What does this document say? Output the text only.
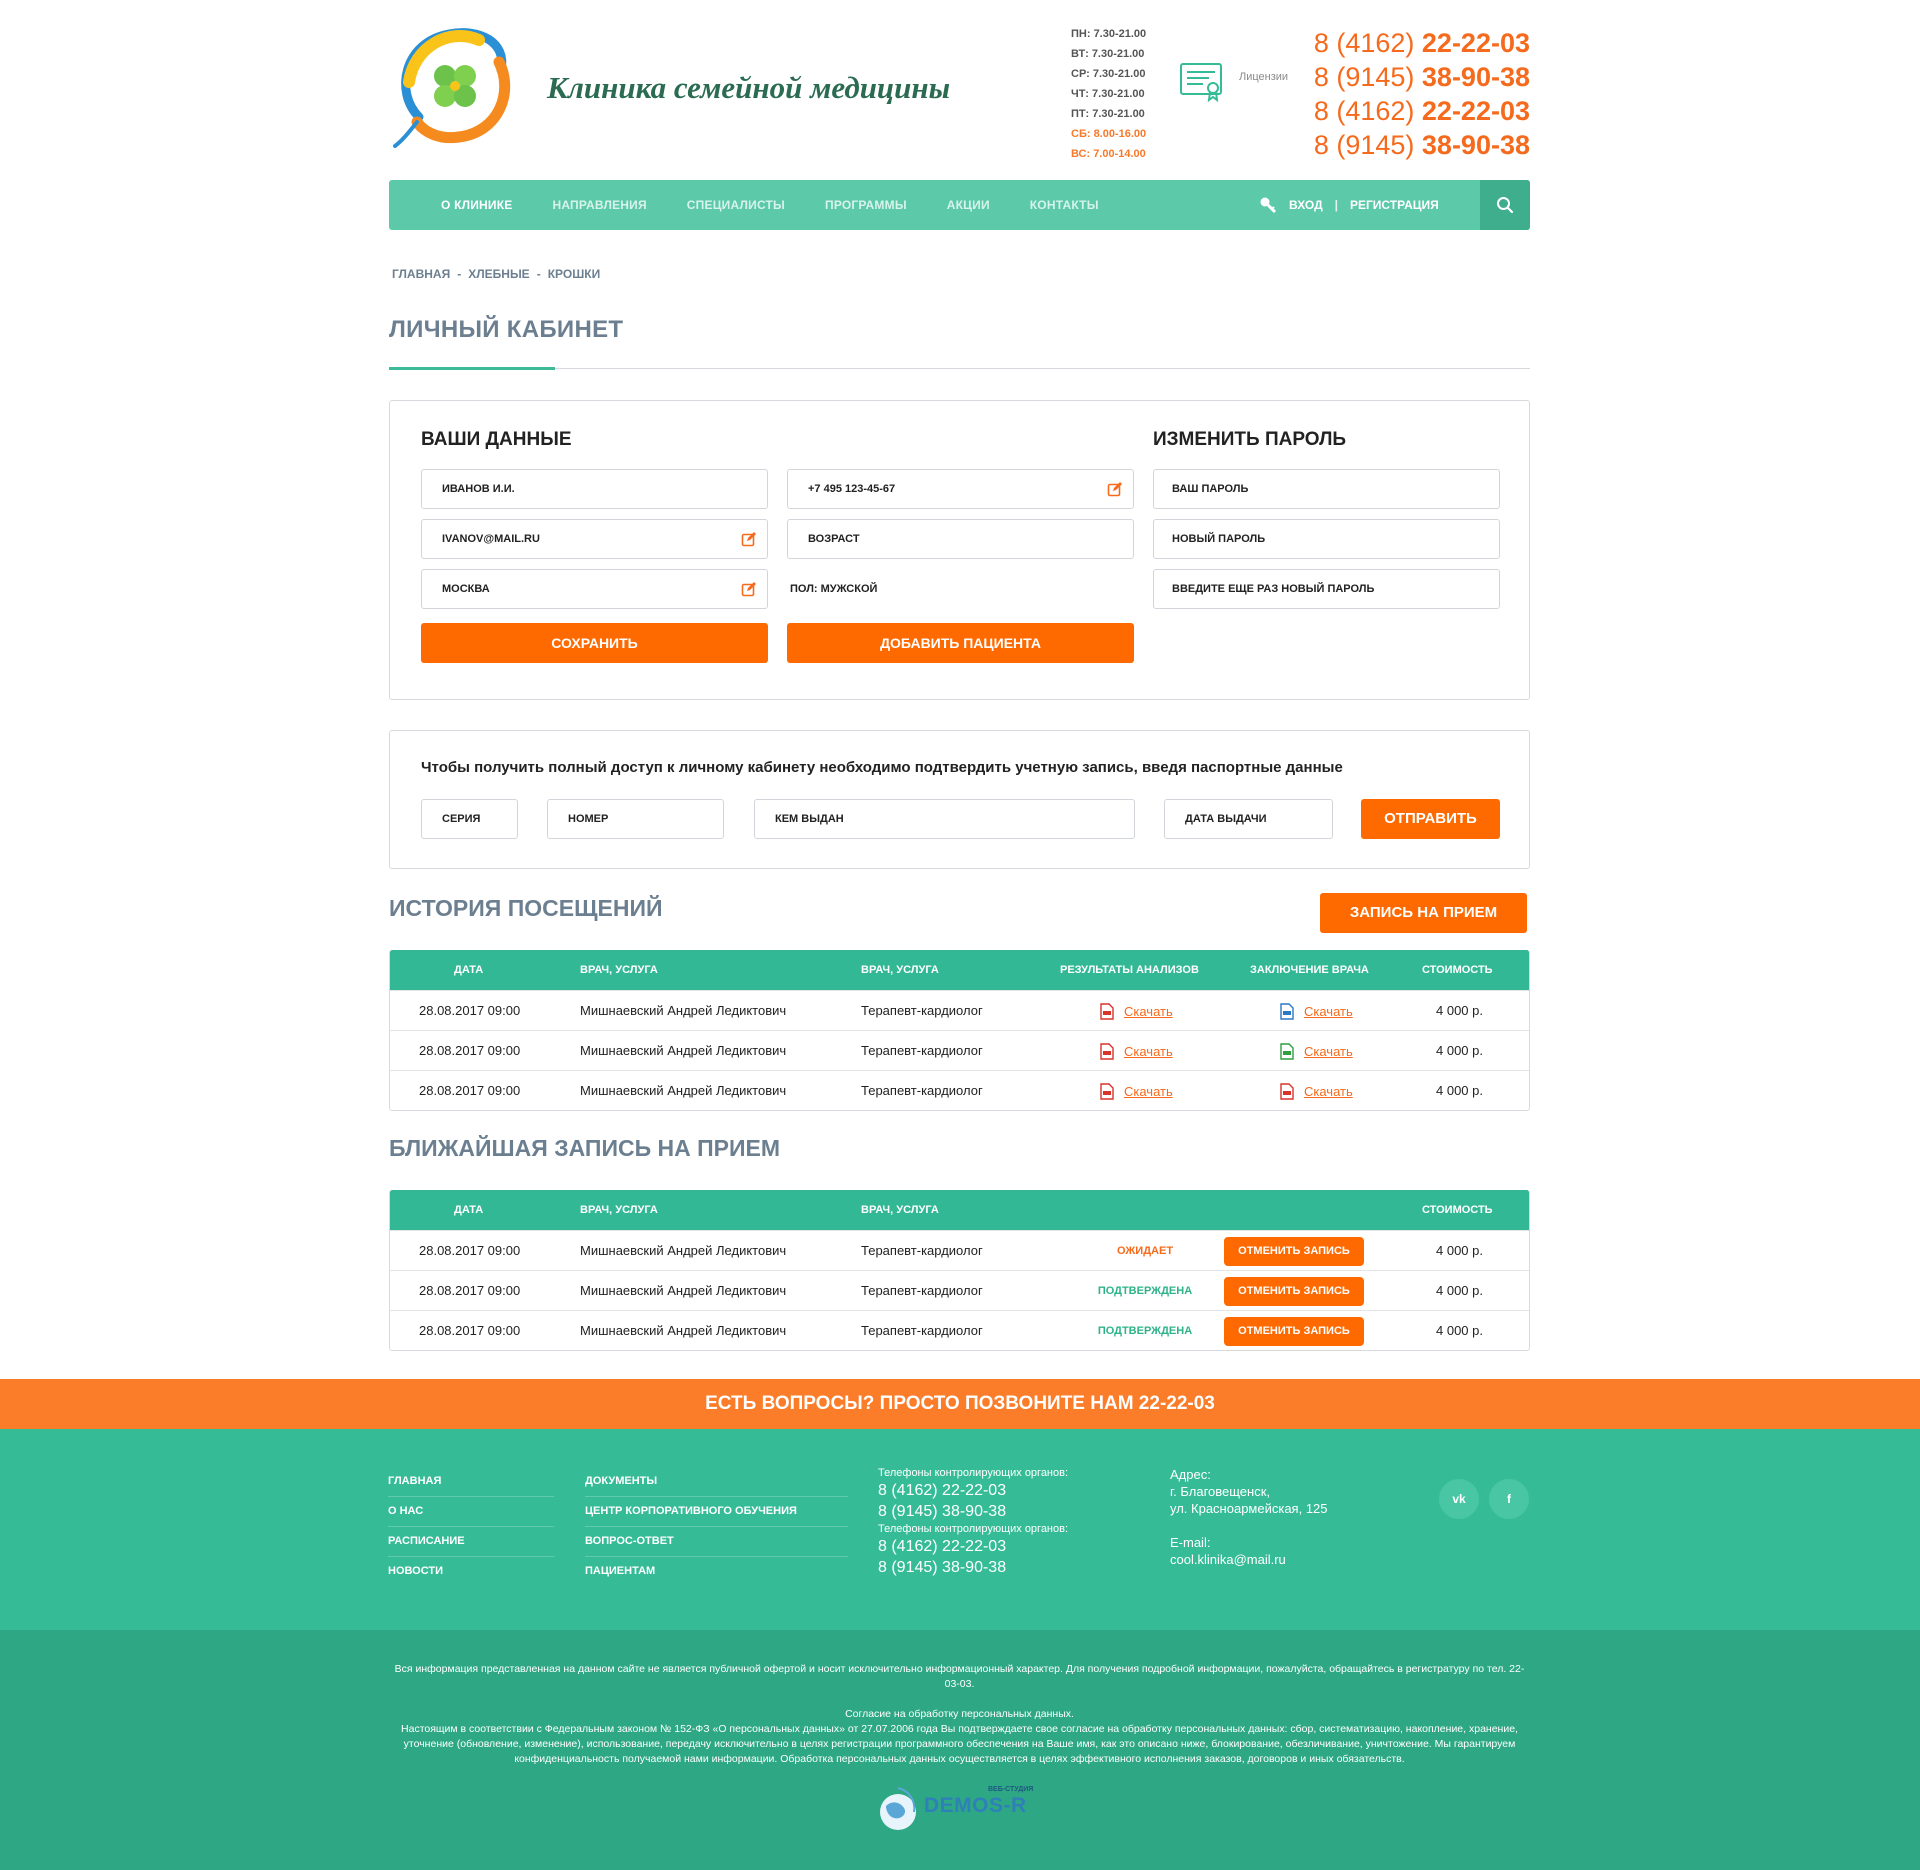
Клиника семейной медицины
ПН: 7.30-21.00
ВТ: 7.30-21.00
СР: 7.30-21.00
ЧТ: 7.30-21.00
ПТ: 7.30-21.00
СБ: 8.00-16.00
ВС: 7.00-14.00
Лицензии
8 (4162) 22-22-03
8 (9145) 38-90-38
8 (4162) 22-22-03
8 (9145) 38-90-38
О КЛИНИКЕ	НАПРАВЛЕНИЯ	СПЕЦИАЛИСТЫ	ПРОГРАММЫ	АКЦИИ	КОНТАКТЫ	ВХОД | РЕГИСТРАЦИЯ
ГЛАВНАЯ - ХЛЕБНЫЕ - КРОШКИ
ЛИЧНЫЙ КАБИНЕТ
ВАШИ ДАННЫЕ
ИВАНОВ И.И.
IVANOV@MAIL.RU
МОСКВА
+7 495 123-45-67
ВОЗРАСТ
ПОЛ: МУЖСКОЙ
СОХРАНИТЬ	ДОБАВИТЬ ПАЦИЕНТА
ИЗМЕНИТЬ ПАРОЛЬ
ВАШ ПАРОЛЬ
НОВЫЙ ПАРОЛЬ
ВВЕДИТЕ ЕЩЕ РАЗ НОВЫЙ ПАРОЛЬ
Чтобы получить полный доступ к личному кабинету необходимо подтвердить учетную запись, введя паспортные данные
СЕРИЯ	НОМЕР	КЕМ ВЫДАН	ДАТА ВЫДАЧИ	ОТПРАВИТЬ
ИСТОРИЯ ПОСЕЩЕНИЙ	ЗАПИСЬ НА ПРИЕМ
ДАТА	ВРАЧ, УСЛУГА	ВРАЧ, УСЛУГА	РЕЗУЛЬТАТЫ АНАЛИЗОВ	ЗАКЛЮЧЕНИЕ ВРАЧА	СТОИМОСТЬ
28.08.2017 09:00	Мишнаевский Андрей Ледиктович	Терапевт-кардиолог	Скачать	Скачать	4 000 р.
28.08.2017 09:00	Мишнаевский Андрей Ледиктович	Терапевт-кардиолог	Скачать	Скачать	4 000 р.
28.08.2017 09:00	Мишнаевский Андрей Ледиктович	Терапевт-кардиолог	Скачать	Скачать	4 000 р.
БЛИЖАЙШАЯ ЗАПИСЬ НА ПРИЕМ
ДАТА	ВРАЧ, УСЛУГА	ВРАЧ, УСЛУГА	СТОИМОСТЬ
28.08.2017 09:00	Мишнаевский Андрей Ледиктович	Терапевт-кардиолог	ОЖИДАЕТ	ОТМЕНИТЬ ЗАПИСЬ	4 000 р.
28.08.2017 09:00	Мишнаевский Андрей Ледиктович	Терапевт-кардиолог	ПОДТВЕРЖДЕНА	ОТМЕНИТЬ ЗАПИСЬ	4 000 р.
28.08.2017 09:00	Мишнаевский Андрей Ледиктович	Терапевт-кардиолог	ПОДТВЕРЖДЕНА	ОТМЕНИТЬ ЗАПИСЬ	4 000 р.
ЕСТЬ ВОПРОСЫ? ПРОСТО ПОЗВОНИТЕ НАМ 22-22-03
ГЛАВНАЯ
О НАС
РАСПИСАНИЕ
НОВОСТИ
ДОКУМЕНТЫ
ЦЕНТР КОРПОРАТИВНОГО ОБУЧЕНИЯ
ВОПРОС-ОТВЕТ
ПАЦИЕНТАМ
Телефоны контролирующих органов:
8 (4162) 22-22-03
8 (9145) 38-90-38
Телефоны контролирующих органов:
8 (4162) 22-22-03
8 (9145) 38-90-38
Адрес:
г. Благовещенск,
ул. Красноармейская, 125
E-mail:
cool.klinika@mail.ru
vk	f
Вся информация представленная на данном сайте не является публичной офертой и носит исключительно информационный характер. Для получения подробной информации, пожалуйста, обращайтесь в регистратуру по тел. 22-03-03.
Согласие на обработку персональных данных.
Настоящим в соответствии с Федеральным законом № 152-ФЗ «О персональных данных» от 27.07.2006 года Вы подтверждаете свое согласие на обработку персональных данных: сбор, систематизацию, накопление, хранение, уточнение (обновление, изменение), использование, передачу исключительно в целях регистрации программного обеспечения на Ваше имя, как это описано ниже, блокирование, обезличивание, уничтожение. Мы гарантируем конфиденциальность получаемой нами информации. Обработка персональных данных осуществляется в целях эффективного исполнения заказов, договоров и иных обязательств.
ВЕБ-СТУДИЯ
DEMOS-R
